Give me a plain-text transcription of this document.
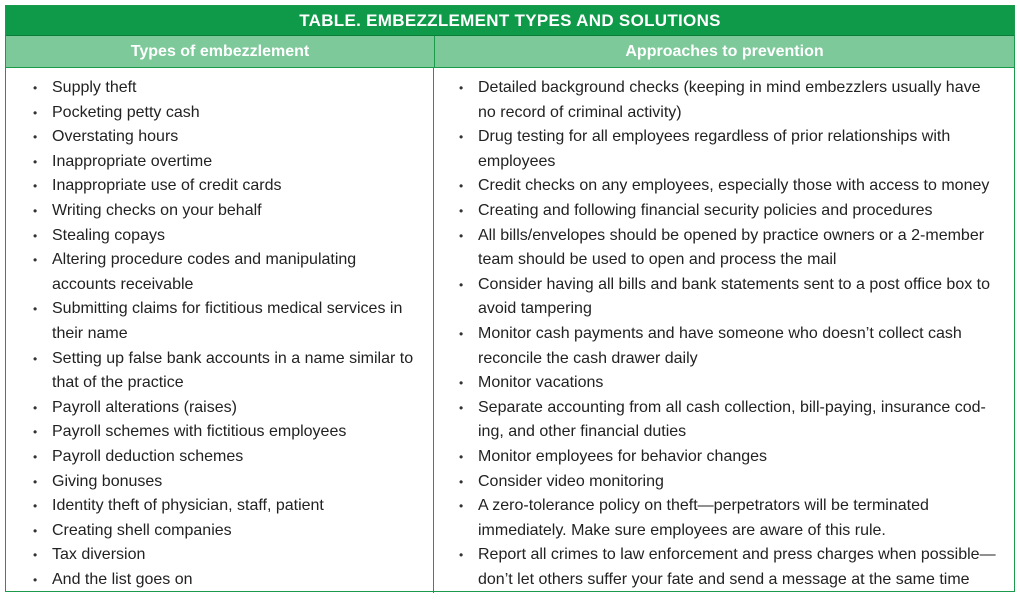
TABLE. EMBEZZLEMENT TYPES AND SOLUTIONS
Types of embezzlement	Approaches to prevention
• Supply theft
• Pocketing petty cash
• Overstating hours
• Inappropriate overtime
• Inappropriate use of credit cards
• Writing checks on your behalf
• Stealing copays
• Altering procedure codes and manipulating accounts receivable
• Submitting claims for fictitious medical services in their name
• Setting up false bank accounts in a name similar to that of the practice
• Payroll alterations (raises)
• Payroll schemes with fictitious employees
• Payroll deduction schemes
• Giving bonuses
• Identity theft of physician, staff, patient
• Creating shell companies
• Tax diversion
• And the list goes on
• Detailed background checks (keeping in mind embezzlers usually have no record of criminal activity)
• Drug testing for all employees regardless of prior relationships with employees
• Credit checks on any employees, especially those with access to money
• Creating and following financial security policies and procedures
• All bills/envelopes should be opened by practice owners or a 2-member team should be used to open and process the mail
• Consider having all bills and bank statements sent to a post office box to avoid tampering
• Monitor cash payments and have someone who doesn’t collect cash reconcile the cash drawer daily
• Monitor vacations
• Separate accounting from all cash collection, bill-paying, insurance cod-ing, and other financial duties
• Monitor employees for behavior changes
• Consider video monitoring
• A zero-tolerance policy on theft—perpetrators will be terminated immediately. Make sure employees are aware of this rule.
• Report all crimes to law enforcement and press charges when possible—don’t let others suffer your fate and send a message at the same time
